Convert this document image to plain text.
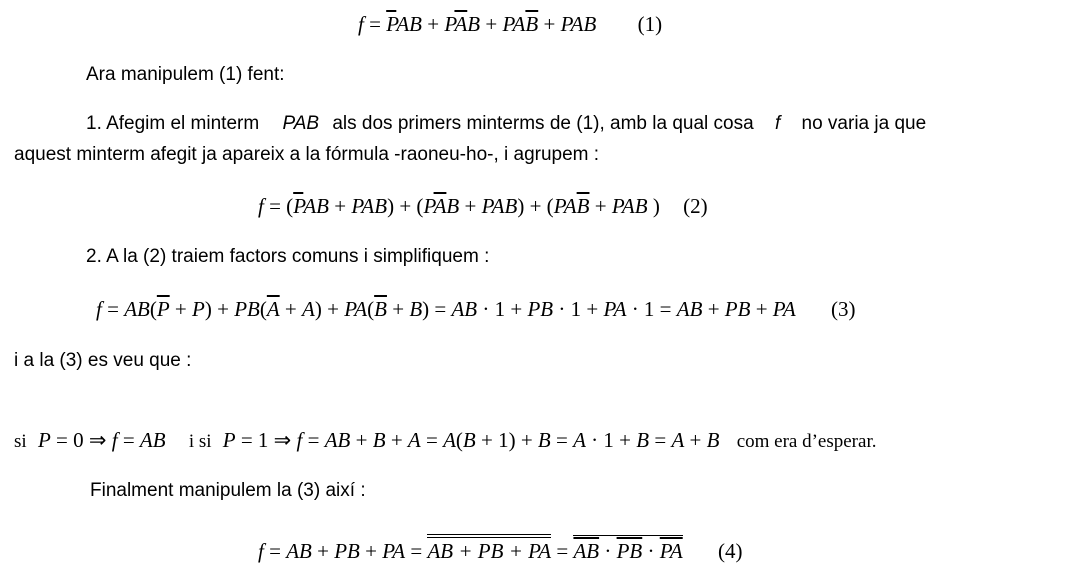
$f = \overline{P}AB + P\overline{A}B + PA\overline{B}$ + PAB (1)
Ara manipulem (1) fent:
1. Afegim el minterm PAB als dos primers minterms de (1), amb la qual cosa f no varia ja que
aquest minterm afegit ja apareix a la fórmula -raoneu-ho-, i agrupem :
$f = (\overline{P}AB + PAB) + (P\overline{A}B + PAB) + (PA\overline{B}$ + PAB ) (2)
2. A la (2) traiem factors comuns i simplifiquem :
$f = AB(\overline{P} + P) + PB(\overline{A} + A) + PA(\overline{B} + B)$ = AB · 1 + PB · 1 + PA · 1 = AB + PB + PA (3)
i a la (3) es veu que :
si P = 0 ⇒ f = AB i si P = 1 ⇒ f = AB + B + A = A(B + 1) + B = A · 1 + B = A + B com era d’esperar.
Finalment manipulem la (3) així :
f = AB + PB + PA = AB + PB + PA = $\overline{AB} \cdot \overline{PB} \cdot \overline{PA}$ (4)
